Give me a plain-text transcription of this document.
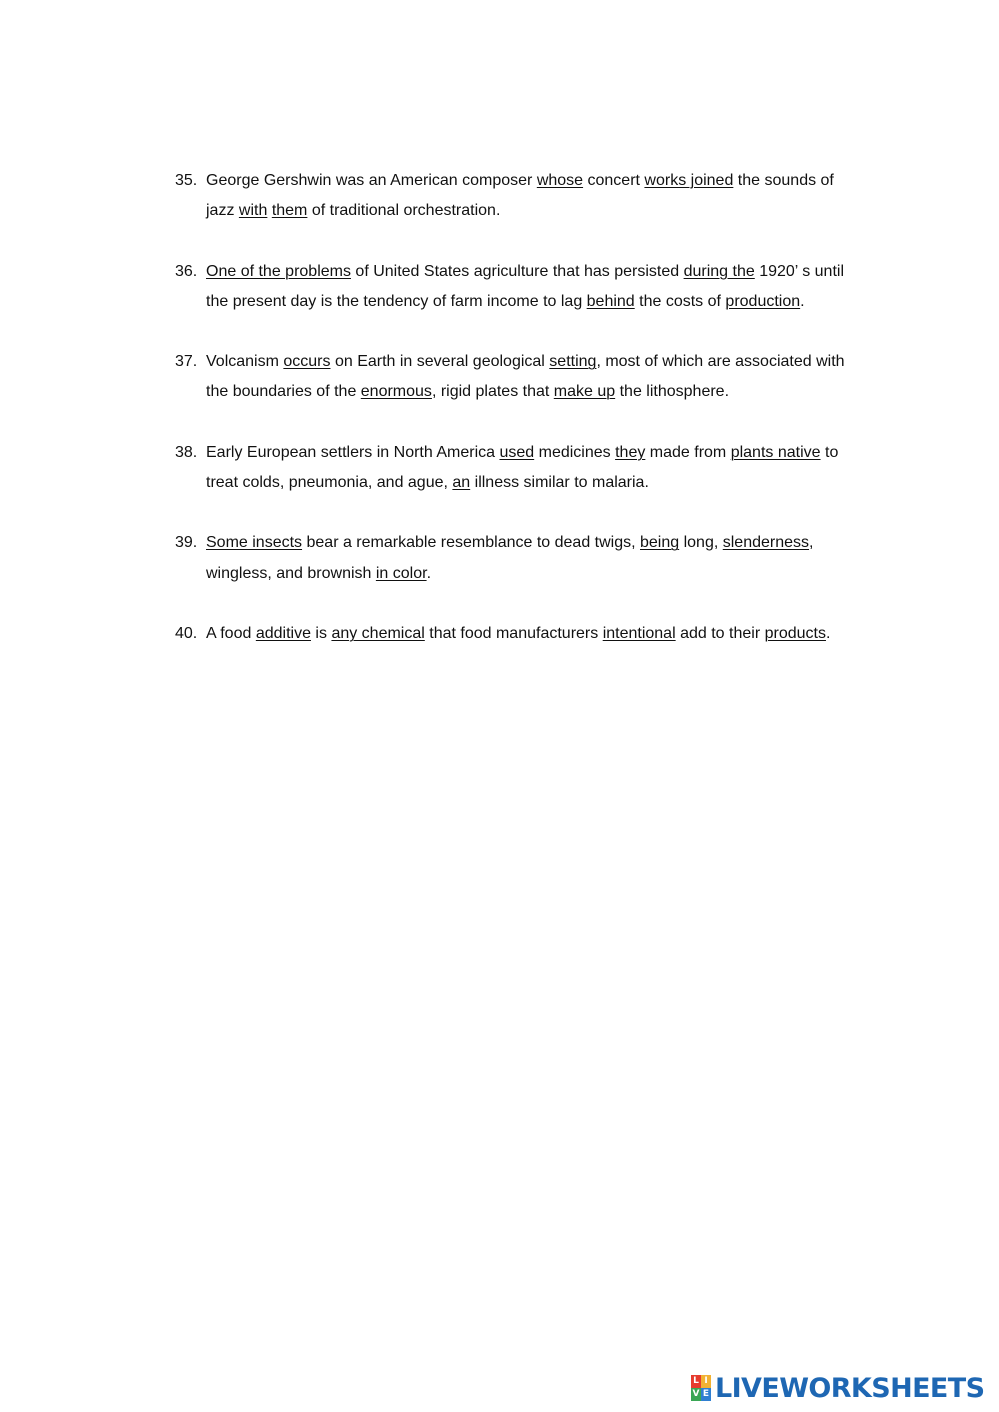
35. George Gershwin was an American composer whose concert works joined the sounds of jazz with them of traditional orchestration.
36. One of the problems of United States agriculture that has persisted during the 1920’ s until the present day is the tendency of farm income to lag behind the costs of production.
37. Volcanism occurs on Earth in several geological setting, most of which are associated with the boundaries of the enormous, rigid plates that make up the lithosphere.
38. Early European settlers in North America used medicines they made from plants native to treat colds, pneumonia, and ague, an illness similar to malaria.
39. Some insects bear a remarkable resemblance to dead twigs, being long, slenderness, wingless, and brownish in color.
40. A food additive is any chemical that food manufacturers intentional add to their products.
L I
V E LIVEWORKSHEETS
